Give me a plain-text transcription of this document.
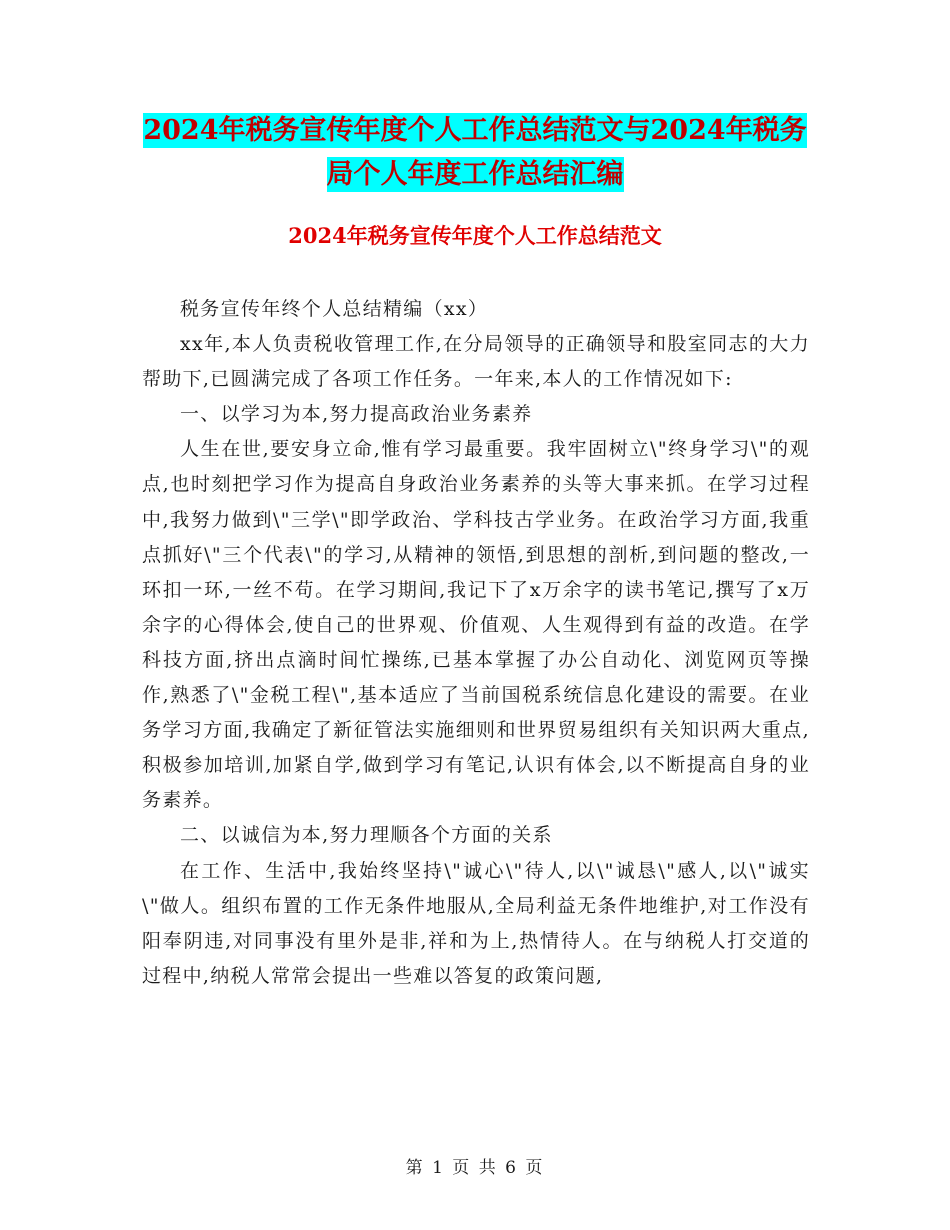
2024年税务宣传年度个人工作总结范文与2024年税务
局个人年度工作总结汇编
2024年税务宣传年度个人工作总结范文

税务宣传年终个人总结精编（xx）

xx年,本人负责税收管理工作,在分局领导的正确领导和股室同志的大力帮助下,已圆满完成了各项工作任务。一年来,本人的工作情况如下:

一、以学习为本,努力提高政治业务素养

人生在世,要安身立命,惟有学习最重要。我牢固树立\"终身学习\"的观点,也时刻把学习作为提高自身政治业务素养的头等大事来抓。在学习过程中,我努力做到\"三学\"即学政治、学科技古学业务。在政治学习方面,我重点抓好\"三个代表\"的学习,从精神的领悟,到思想的剖析,到问题的整改,一环扣一环,一丝不苟。在学习期间,我记下了x万余字的读书笔记,撰写了x万余字的心得体会,使自己的世界观、价值观、人生观得到有益的改造。在学科技方面,挤出点滴时间忙操练,已基本掌握了办公自动化、浏览网页等操作,熟悉了\"金税工程\",基本适应了当前国税系统信息化建设的需要。在业务学习方面,我确定了新征管法实施细则和世界贸易组织有关知识两大重点,积极参加培训,加紧自学,做到学习有笔记,认识有体会,以不断提高自身的业务素养。

二、以诚信为本,努力理顺各个方面的关系

在工作、生活中,我始终坚持\"诚心\"待人,以\"诚恳\"感人,以\"诚实\"做人。组织布置的工作无条件地服从,全局利益无条件地维护,对工作没有阳奉阴违,对同事没有里外是非,祥和为上,热情待人。在与纳税人打交道的过程中,纳税人常常会提出一些难以答复的政策问题,

第 1 页 共 6 页
